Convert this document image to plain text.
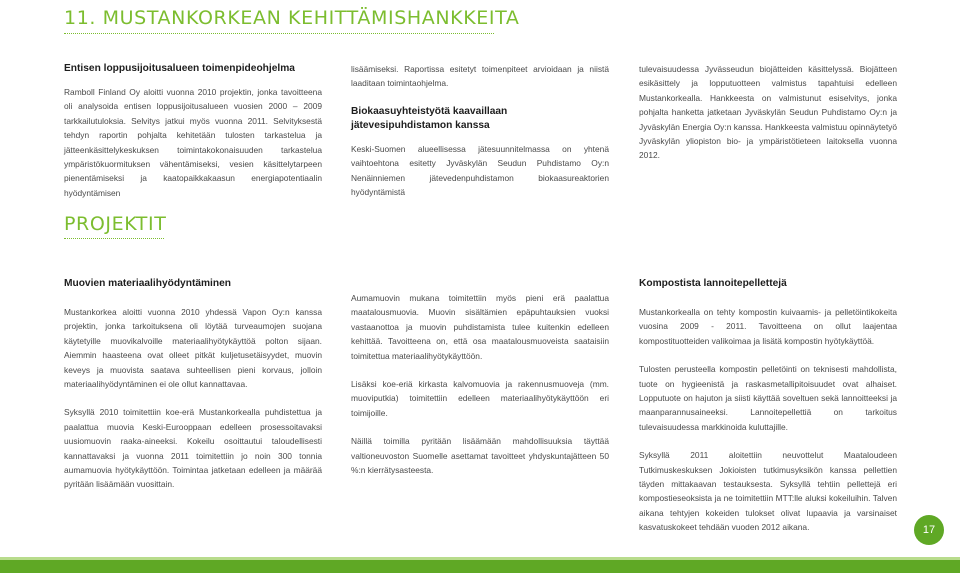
11. MUSTANKORKEAN KEHITTÄMISHANKKEITA
Entisen loppusijoitusalueen toimenpideohjelma

Ramboll Finland Oy aloitti vuonna 2010 projektin, jonka tavoitteena oli analysoida entisen loppusijoitusalueen vuosien 2000 – 2009 tarkkailutuloksia. Selvitys jatkui myös vuonna 2011. Selvityksestä tehdyn raportin pohjalta kehitetään tulosten tarkastelua ja jätteenkäsittelykeskuksen toimintakokonaisuuden tarkastelua ympäristökuormituksen vähentämiseksi, vesien käsittelytarpeen pienentämiseksi ja kaatopaikkakaasun energiapotentiaalin hyödyntämisen

lisäämiseksi. Raportissa esitetyt toimenpiteet arvioidaan ja niistä laaditaan toimintaohjelma.

Biokaasuyhteistyötä kaavaillaan jätevesipuhdistamon kanssa

Keski-Suomen alueellisessa jätesuunnitelmassa on yhtenä vaihtoehtona esitetty Jyväskylän Seudun Puhdistamo Oy:n Nenäinniemen jätevedenpuhdistamon biokaasureaktorien hyödyntämistä

tulevaisuudessa Jyvässeudun biojätteiden käsittelyssä. Biojätteen esikäsittely ja lopputuotteen valmistus tapahtuisi edelleen Mustankorkealla. Hankkeesta on valmistunut esiselvitys, jonka pohjalta hanketta jatketaan Jyväskylän Seudun Puhdistamo Oy:n ja Jyväskylän Energia Oy:n kanssa. Hankkeesta valmistuu opinnäytetyö Jyväskylän yliopiston bio- ja ympäristötieteen laitoksella vuonna 2012.

PROJEKTIT
Muovien materiaalihyödyntäminen

Mustankorkea aloitti vuonna 2010 yhdessä Vapon Oy:n kanssa projektin, jonka tarkoituksena oli löytää turveaumojen suojana käytetyille muovikalvoille materiaalihyötykäyttöä polton sijaan. Aiemmin haasteena ovat olleet pitkät kuljetusetäisyydet, muovin keveys ja muovista saatava suhteellisen pieni korvaus, jolloin materiaalihyödyntäminen ei ole ollut kannattavaa.

Syksyllä 2010 toimitettiin koe-erä Mustankorkealla puhdistettua ja paalattua muovia Keski-Eurooppaan edelleen prosessoitavaksi uusiomuovin raaka-aineeksi. Kokeilu osoittautui taloudellisesti kannattavaksi ja vuonna 2011 toimitettiin jo noin 300 tonnia aumamuovia hyötykäyttöön. Toimintaa jatketaan edelleen ja määrää pyritään lisäämään vuosittain.

Aumamuovin mukana toimitettiin myös pieni erä paalattua maatalousmuovia. Muovin sisältämien epäpuhtauksien vuoksi vastaanottoa ja muovin puhdistamista tulee kuitenkin edelleen kehittää. Tavoitteena on, että osa maatalousmuoveista saataisiin toimitettua materiaalihyötykäyttöön.

Lisäksi koe-eriä kirkasta kalvomuovia ja rakennusmuoveja (mm. muoviputkia) toimitettiin edelleen materiaalihyötykäyttöön eri toimijoille.

Näillä toimilla pyritään lisäämään mahdollisuuksia täyttää valtioneuvoston Suomelle asettamat tavoitteet yhdyskuntajätteen 50 %:n kierrätysasteesta.

Kompostista lannoitepellettejä

Mustankorkealla on tehty kompostin kuivaamis- ja pelletöintikokeita vuosina 2009 - 2011. Tavoitteena on ollut laajentaa kompostituotteiden valikoimaa ja lisätä kompostin hyötykäyttöä.

Tulosten perusteella kompostin pelletöinti on teknisesti mahdollista, tuote on hygieenistä ja raskasmetallipitoisuudet ovat alhaiset. Lopputuote on hajuton ja siisti käyttää soveltuen sekä lannoitteeksi ja maanparannusaineeksi. Lannoitepellettiä on tarkoitus tulevaisuudessa markkinoida kuluttajille.

Syksyllä 2011 aloitettiin neuvottelut Maataloudeen Tutkimuskeskuksen Jokioisten tutkimusyksikön kanssa pellettien täyden mittakaavan testauksesta. Syksyllä tehtiin pellettejä eri kompostieseoksista ja ne toimitettiin MTT:lle aluksi kokeiluihin. Talven aikana tehtyjen kokeiden tulokset olivat lupaavia ja varsinaiset kasvatuskokeet tehdään vuoden 2012 aikana.	17
